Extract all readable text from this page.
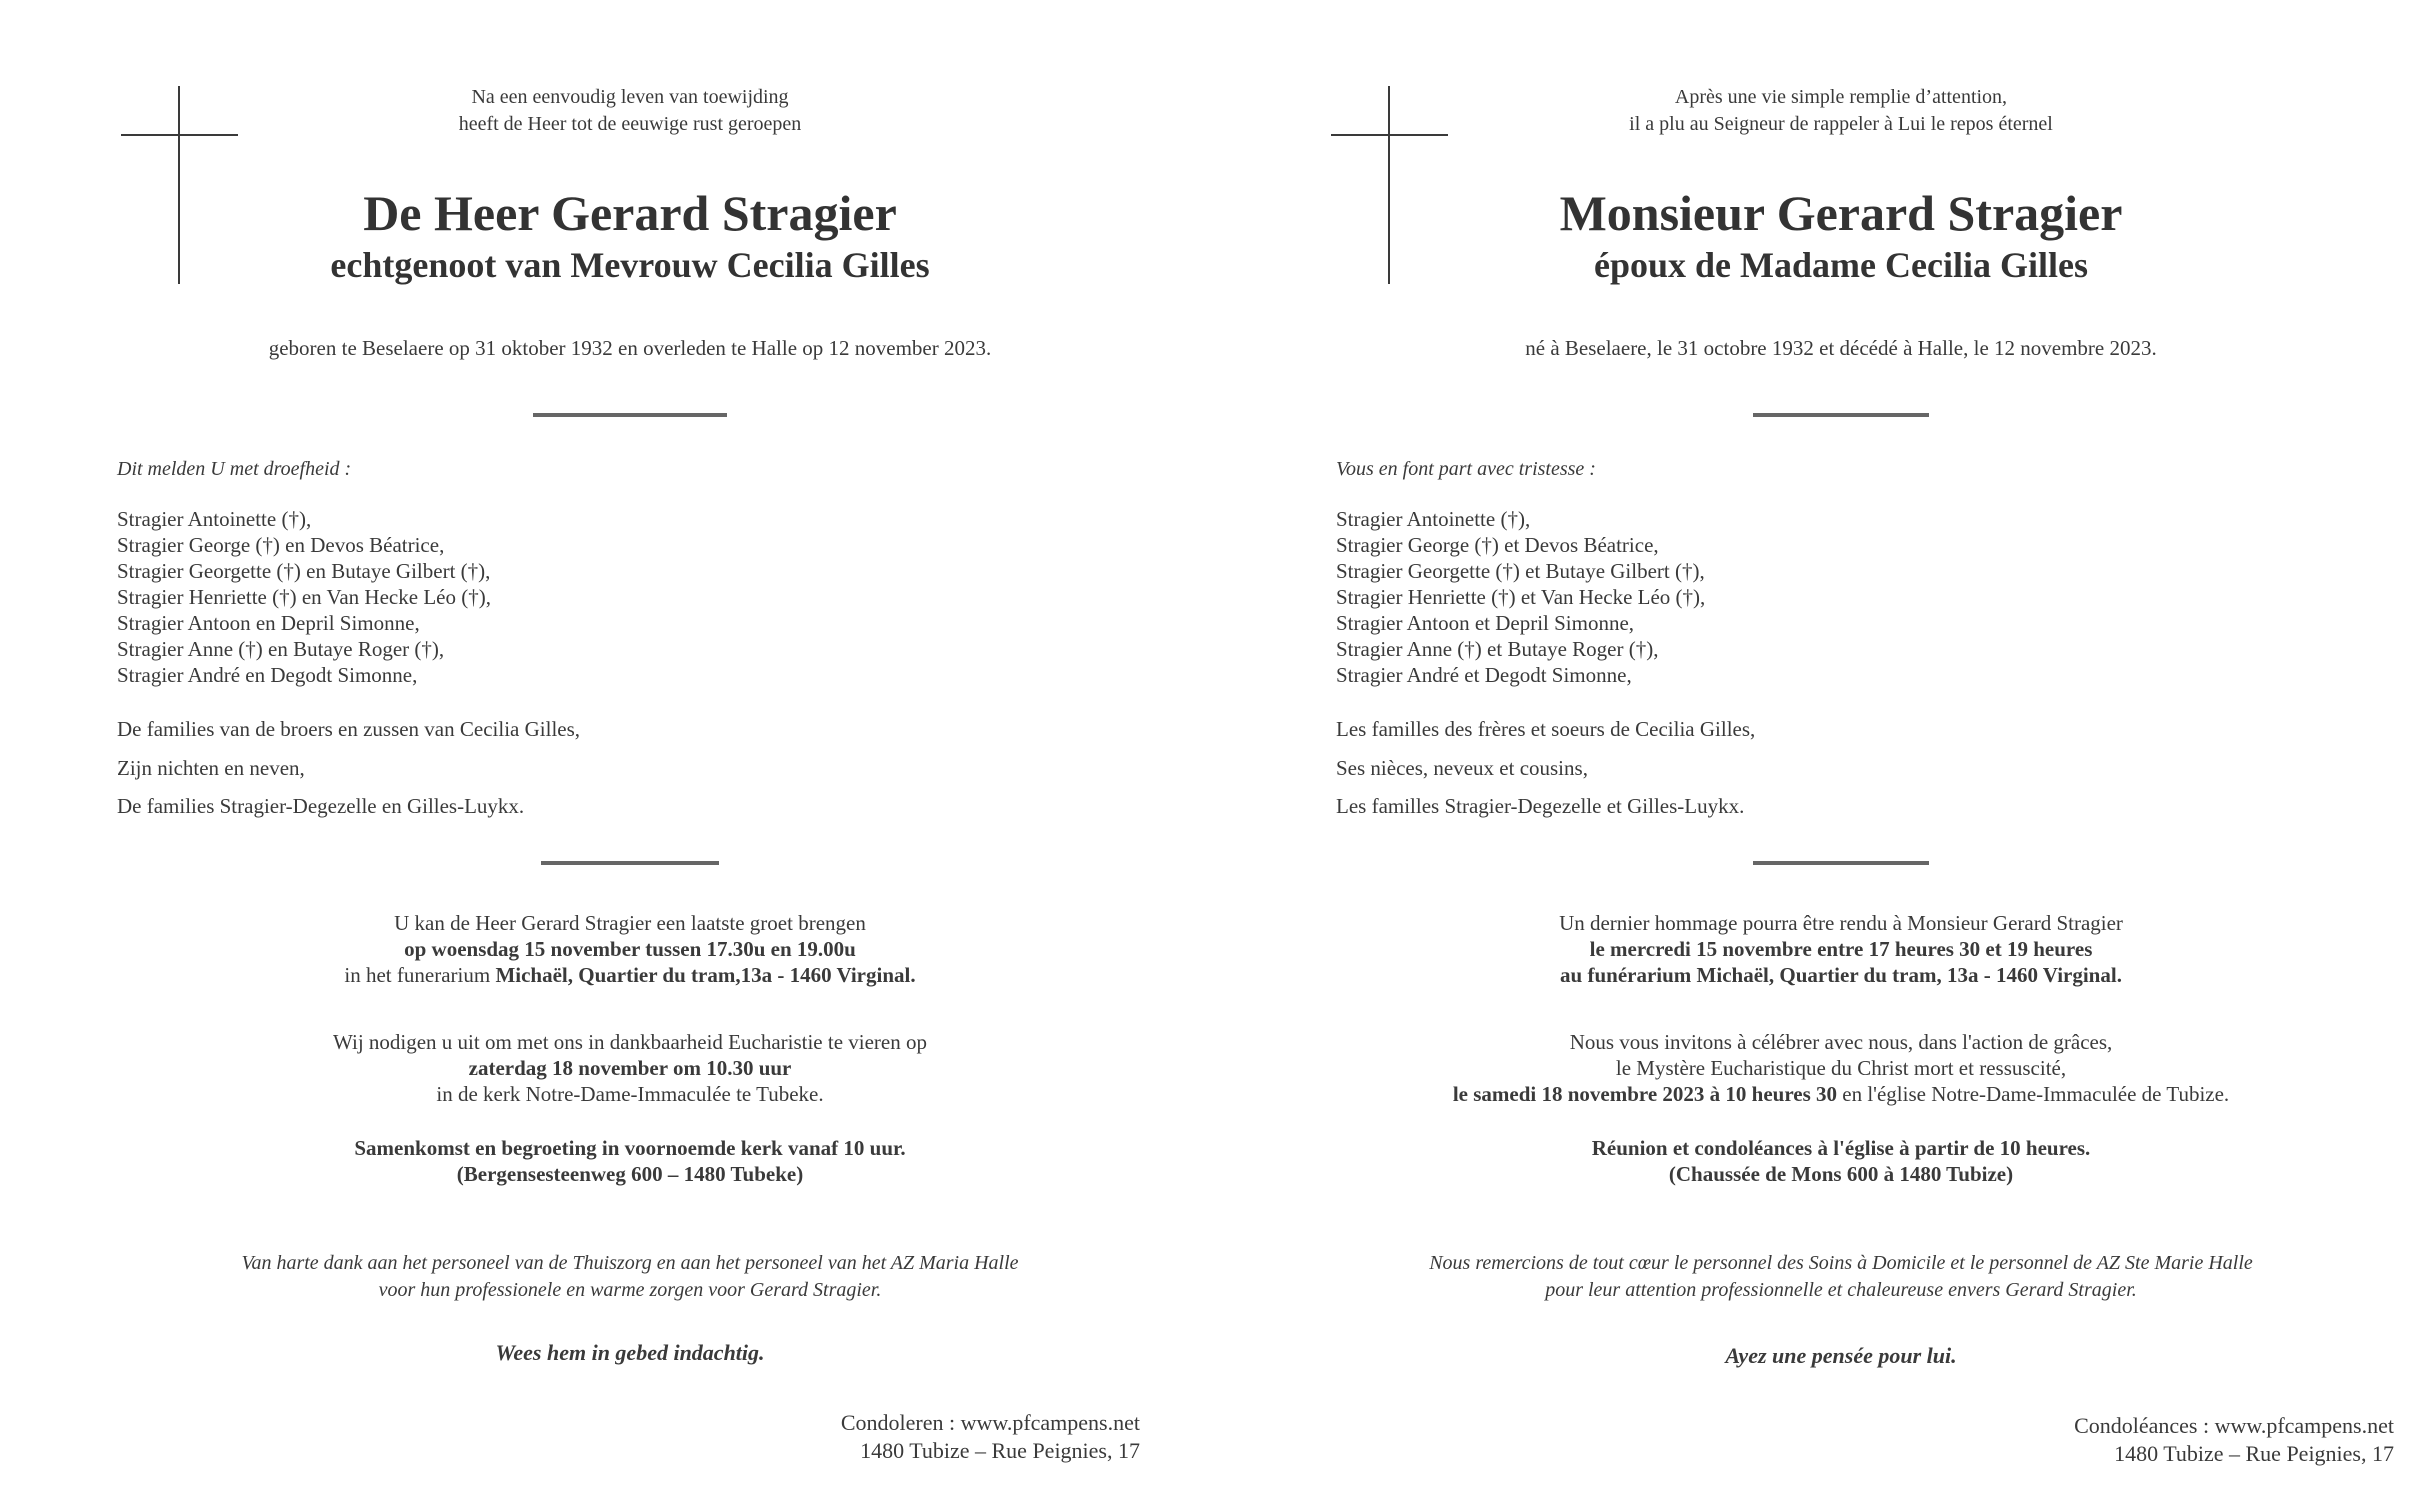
Na een eenvoudig leven van toewijding
heeft de Heer tot de eeuwige rust geroepen
De Heer Gerard Stragier
echtgenoot van Mevrouw Cecilia Gilles
geboren te Beselaere op 31 oktober 1932 en overleden te Halle op 12 november 2023.
Dit melden U met droefheid :
Stragier Antoinette (†),
Stragier George (†) en Devos Béatrice,
Stragier Georgette (†) en Butaye Gilbert (†),
Stragier Henriette (†) en Van Hecke Léo (†),
Stragier Antoon en Depril Simonne,
Stragier Anne (†) en Butaye Roger (†),
Stragier André en Degodt Simonne,
De families van de broers en zussen van Cecilia Gilles,
Zijn nichten en neven,
De families Stragier-Degezelle en Gilles-Luykx.
U kan de Heer Gerard Stragier een laatste groet brengen
op woensdag 15 november tussen 17.30u en 19.00u
in het funerarium Michaël, Quartier du tram,13a - 1460 Virginal.
Wij nodigen u uit om met ons in dankbaarheid Eucharistie te vieren op
zaterdag 18 november om 10.30 uur
in de kerk Notre-Dame-Immaculée te Tubeke.
Samenkomst en begroeting in voornoemde kerk vanaf 10 uur.
(Bergensesteenweg 600 – 1480 Tubeke)
Van harte dank aan het personeel van de Thuiszorg en aan het personeel van het AZ Maria Halle
voor hun professionele en warme zorgen voor Gerard Stragier.
Wees hem in gebed indachtig.
Condoleren : www.pfcampens.net
1480 Tubize – Rue Peignies, 17
Après une vie simple remplie d’attention,
il a plu au Seigneur de rappeler à Lui le repos éternel
Monsieur Gerard Stragier
époux de Madame Cecilia Gilles
né à Beselaere, le 31 octobre 1932 et décédé à Halle, le 12 novembre 2023.
Vous en font part avec tristesse :
Stragier Antoinette (†),
Stragier George (†) et Devos Béatrice,
Stragier Georgette (†) et Butaye Gilbert (†),
Stragier Henriette (†) et Van Hecke Léo (†),
Stragier Antoon et Depril Simonne,
Stragier Anne (†) et Butaye Roger (†),
Stragier André et Degodt Simonne,
Les familles des frères et soeurs de Cecilia Gilles,
Ses nièces, neveux et cousins,
Les familles Stragier-Degezelle et Gilles-Luykx.
Un dernier hommage pourra être rendu à Monsieur Gerard Stragier
le mercredi 15 novembre entre 17 heures 30 et 19 heures
au funérarium Michaël, Quartier du tram, 13a - 1460 Virginal.
Nous vous invitons à célébrer avec nous, dans l'action de grâces,
le Mystère Eucharistique du Christ mort et ressuscité,
le samedi 18 novembre 2023 à 10 heures 30 en l'église Notre-Dame-Immaculée de Tubize.
Réunion et condoléances à l'église à partir de 10 heures.
(Chaussée de Mons 600 à 1480 Tubize)
Nous remercions de tout cœur le personnel des Soins à Domicile et le personnel de AZ Ste Marie Halle
pour leur attention professionnelle et chaleureuse envers Gerard Stragier.
Ayez une pensée pour lui.
Condoléances : www.pfcampens.net
1480 Tubize – Rue Peignies, 17
